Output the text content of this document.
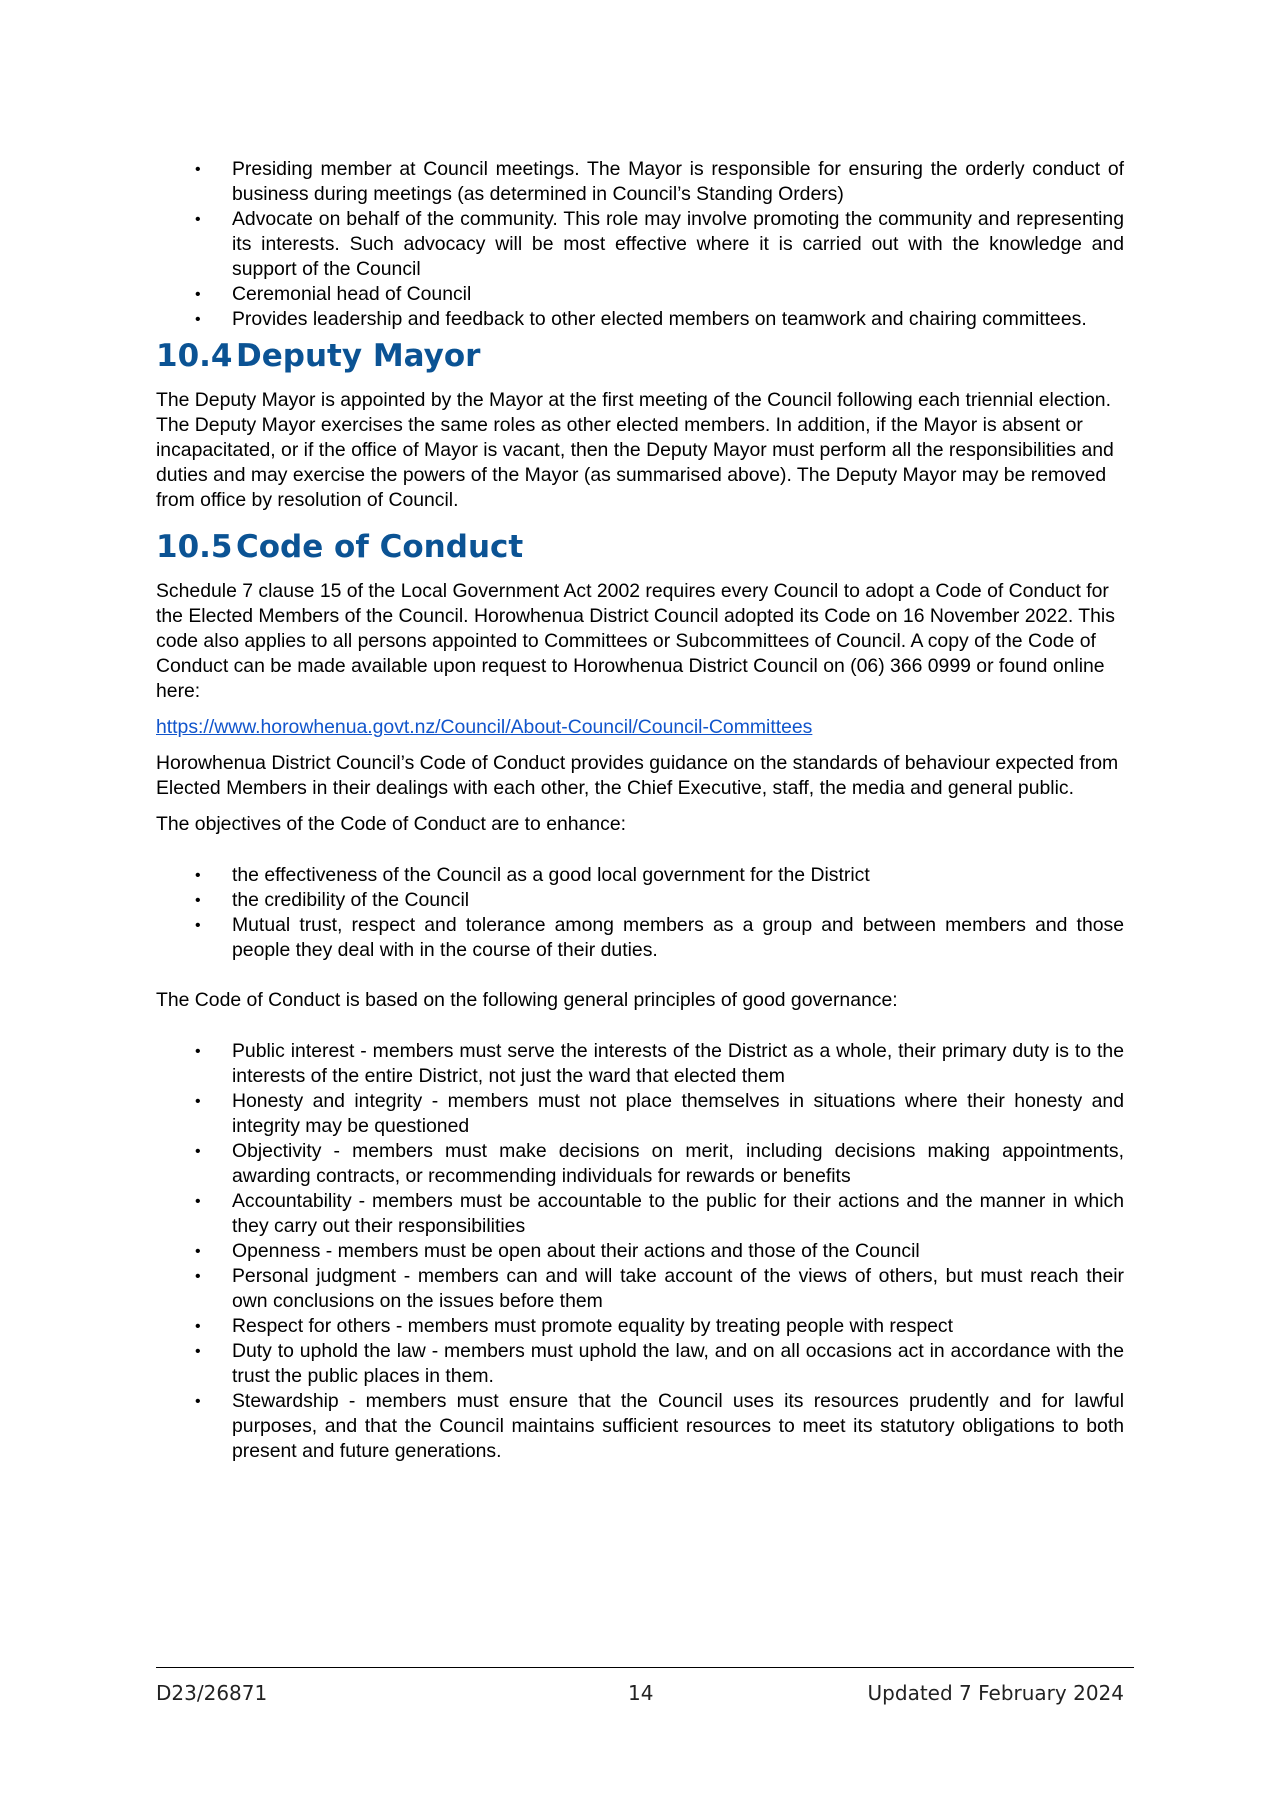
• Presiding member at Council meetings. The Mayor is responsible for ensuring the orderly conduct of business during meetings (as determined in Council’s Standing Orders)
• Advocate on behalf of the community. This role may involve promoting the community and representing its interests. Such advocacy will be most effective where it is carried out with the knowledge and support of the Council
• Ceremonial head of Council
• Provides leadership and feedback to other elected members on teamwork and chairing committees.
10.4 Deputy Mayor

The Deputy Mayor is appointed by the Mayor at the first meeting of the Council following each triennial election. The Deputy Mayor exercises the same roles as other elected members. In addition, if the Mayor is absent or incapacitated, or if the office of Mayor is vacant, then the Deputy Mayor must perform all the responsibilities and duties and may exercise the powers of the Mayor (as summarised above). The Deputy Mayor may be removed from office by resolution of Council.

10.5 Code of Conduct

Schedule 7 clause 15 of the Local Government Act 2002 requires every Council to adopt a Code of Conduct for the Elected Members of the Council. Horowhenua District Council adopted its Code on 16 November 2022. This code also applies to all persons appointed to Committees or Subcommittees of Council. A copy of the Code of Conduct can be made available upon request to Horowhenua District Council on (06) 366 0999 or found online here:

https://www.horowhenua.govt.nz/Council/About-Council/Council-Committees

Horowhenua District Council’s Code of Conduct provides guidance on the standards of behaviour expected from Elected Members in their dealings with each other, the Chief Executive, staff, the media and general public.

The objectives of the Code of Conduct are to enhance:

• the effectiveness of the Council as a good local government for the District
• the credibility of the Council
• Mutual trust, respect and tolerance among members as a group and between members and those people they deal with in the course of their duties.

The Code of Conduct is based on the following general principles of good governance:

• Public interest - members must serve the interests of the District as a whole, their primary duty is to the interests of the entire District, not just the ward that elected them
• Honesty and integrity - members must not place themselves in situations where their honesty and integrity may be questioned
• Objectivity - members must make decisions on merit, including decisions making appointments, awarding contracts, or recommending individuals for rewards or benefits
• Accountability - members must be accountable to the public for their actions and the manner in which they carry out their responsibilities
• Openness - members must be open about their actions and those of the Council
• Personal judgment - members can and will take account of the views of others, but must reach their own conclusions on the issues before them
• Respect for others - members must promote equality by treating people with respect
• Duty to uphold the law - members must uphold the law, and on all occasions act in accordance with the trust the public places in them.
• Stewardship - members must ensure that the Council uses its resources prudently and for lawful purposes, and that the Council maintains sufficient resources to meet its statutory obligations to both present and future generations.
D23/26871	14	Updated 7 February 2024
